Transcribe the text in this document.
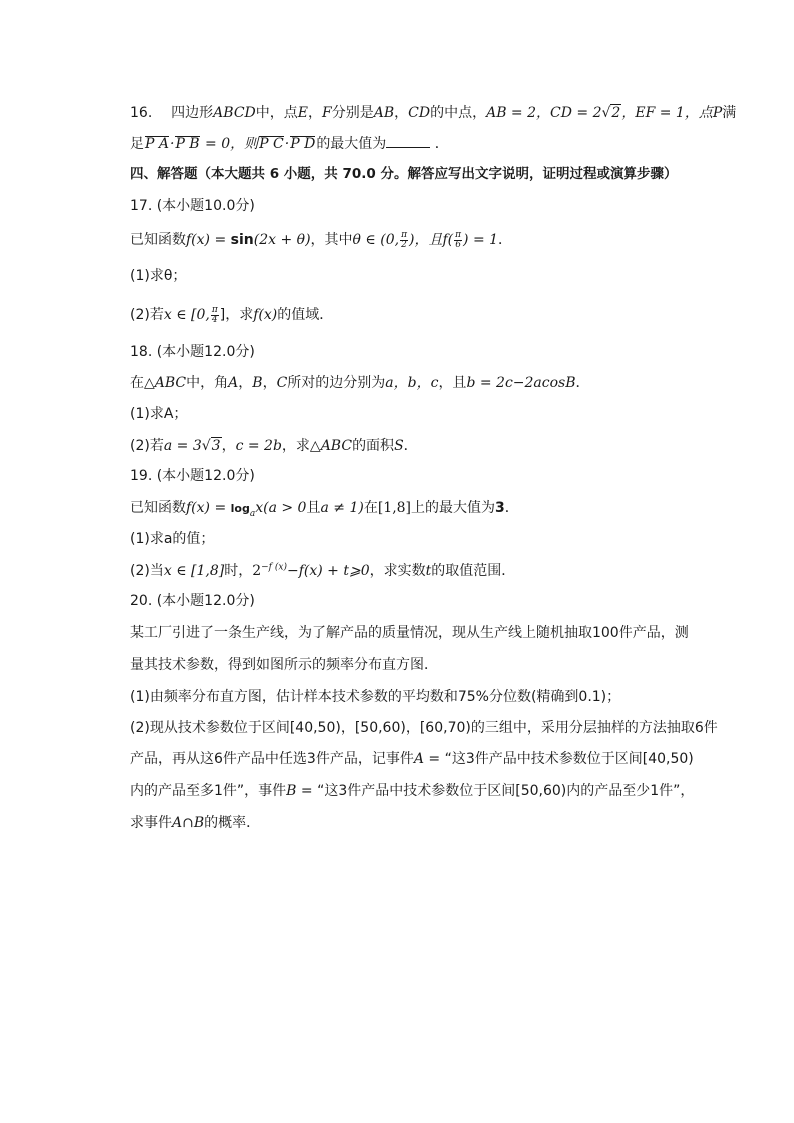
16. 四边形ABCD中，点E，F分别是AB，CD的中点，AB = 2，CD = 2√2，EF = 1，点P满
足P A·P B = 0，则P C·P D的最大值为	．
四、解答题（本大题共 6 小题，共 70.0 分。解答应写出文字说明，证明过程或演算步骤）
17. (本小题10.0分)
已知函数f(x) = sin(2x + θ)，其中θ ∈ (0, $\frac{\pi}{2}$ )，且$f( \frac{\pi}{6}$ ) = 1．
(1)求θ；
(2)若x ∈ [0, $\frac{\pi}{4}$ ]，求f(x)的值域．
18. (本小题12.0分)
在△ABC中，角A，B，C所对的边分别为a，b，c，且b = 2c−2acosB．
(1)求A；
(2)若a = 3√3，c = 2b，求△ABC的面积S．
19. (本小题12.0分)
已知函数$f(x) = \log_ax(a > 0$且a ≠ 1)在[1,8]上的最大值为3．
(1)求a的值；
(2)当x ∈ [1,8]时，$2^{-f (x)}-f(x)$ + t⩾0，求实数t的取值范围．
20. (本小题12.0分)
某工厂引进了一条生产线，为了解产品的质量情况，现从生产线上随机抽取100件产品，测
量其技术参数，得到如图所示的频率分布直方图．
(1)由频率分布直方图，估计样本技术参数的平均数和75%分位数(精确到0.1)；
(2)现从技术参数位于区间[40,50)，[50,60)，[60,70)的三组中，采用分层抽样的方法抽取6件
产品，再从这6件产品中任选3件产品，记事件A = “这3件产品中技术参数位于区间[40,50)
内的产品至多1件”，事件B = “这3件产品中技术参数位于区间[50,60)内的产品至少1件”，
求事件A∩B的概率．
